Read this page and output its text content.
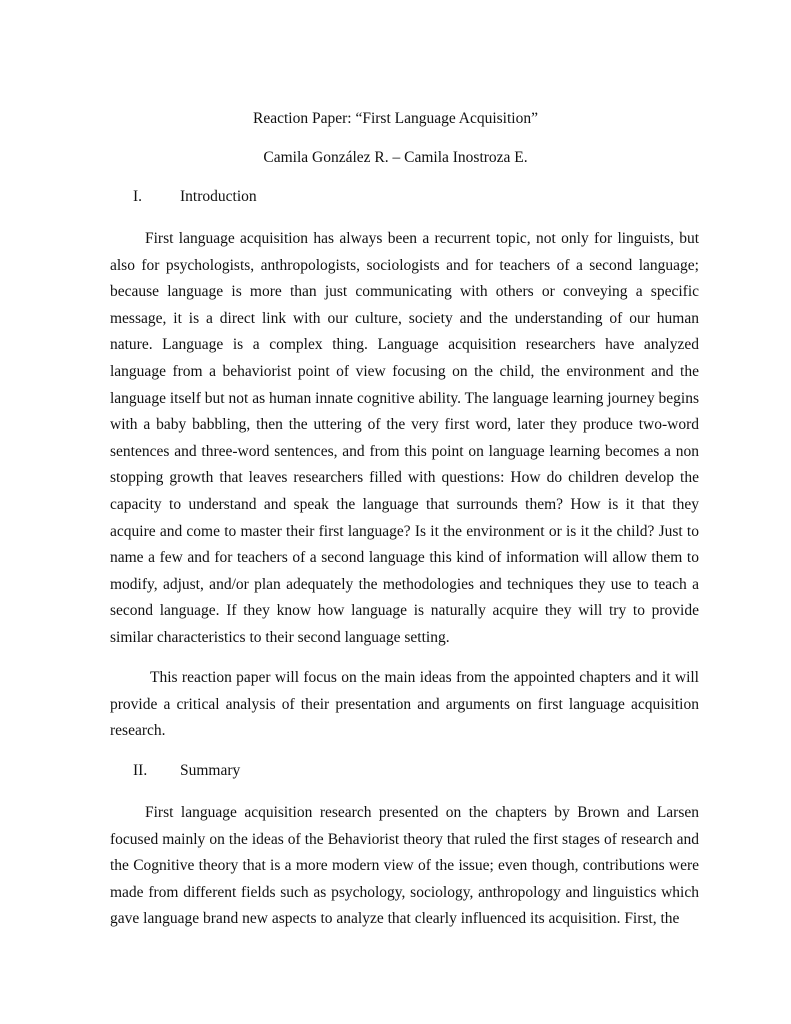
Reaction Paper: “First Language Acquisition”

Camila González R. – Camila Inostroza E.

I. Introduction

First language acquisition has always been a recurrent topic, not only for linguists, but also for psychologists, anthropologists, sociologists and for teachers of a second language; because language is more than just communicating with others or conveying a specific message, it is a direct link with our culture, society and the understanding of our human nature. Language is a complex thing. Language acquisition researchers have analyzed language from a behaviorist point of view focusing on the child, the environment and the language itself but not as human innate cognitive ability. The language learning journey begins with a baby babbling, then the uttering of the very first word, later they produce two-word sentences and three-word sentences, and from this point on language learning becomes a non stopping growth that leaves researchers filled with questions: How do children develop the capacity to understand and speak the language that surrounds them? How is it that they acquire and come to master their first language? Is it the environment or is it the child? Just to name a few and for teachers of a second language this kind of information will allow them to modify, adjust, and/or plan adequately the methodologies and techniques they use to teach a second language. If they know how language is naturally acquire they will try to provide similar characteristics to their second language setting.

This reaction paper will focus on the main ideas from the appointed chapters and it will provide a critical analysis of their presentation and arguments on first language acquisition research.

II. Summary

First language acquisition research presented on the chapters by Brown and Larsen focused mainly on the ideas of the Behaviorist theory that ruled the first stages of research and the Cognitive theory that is a more modern view of the issue; even though, contributions were made from different fields such as psychology, sociology, anthropology and linguistics which gave language brand new aspects to analyze that clearly influenced its acquisition. First, the
